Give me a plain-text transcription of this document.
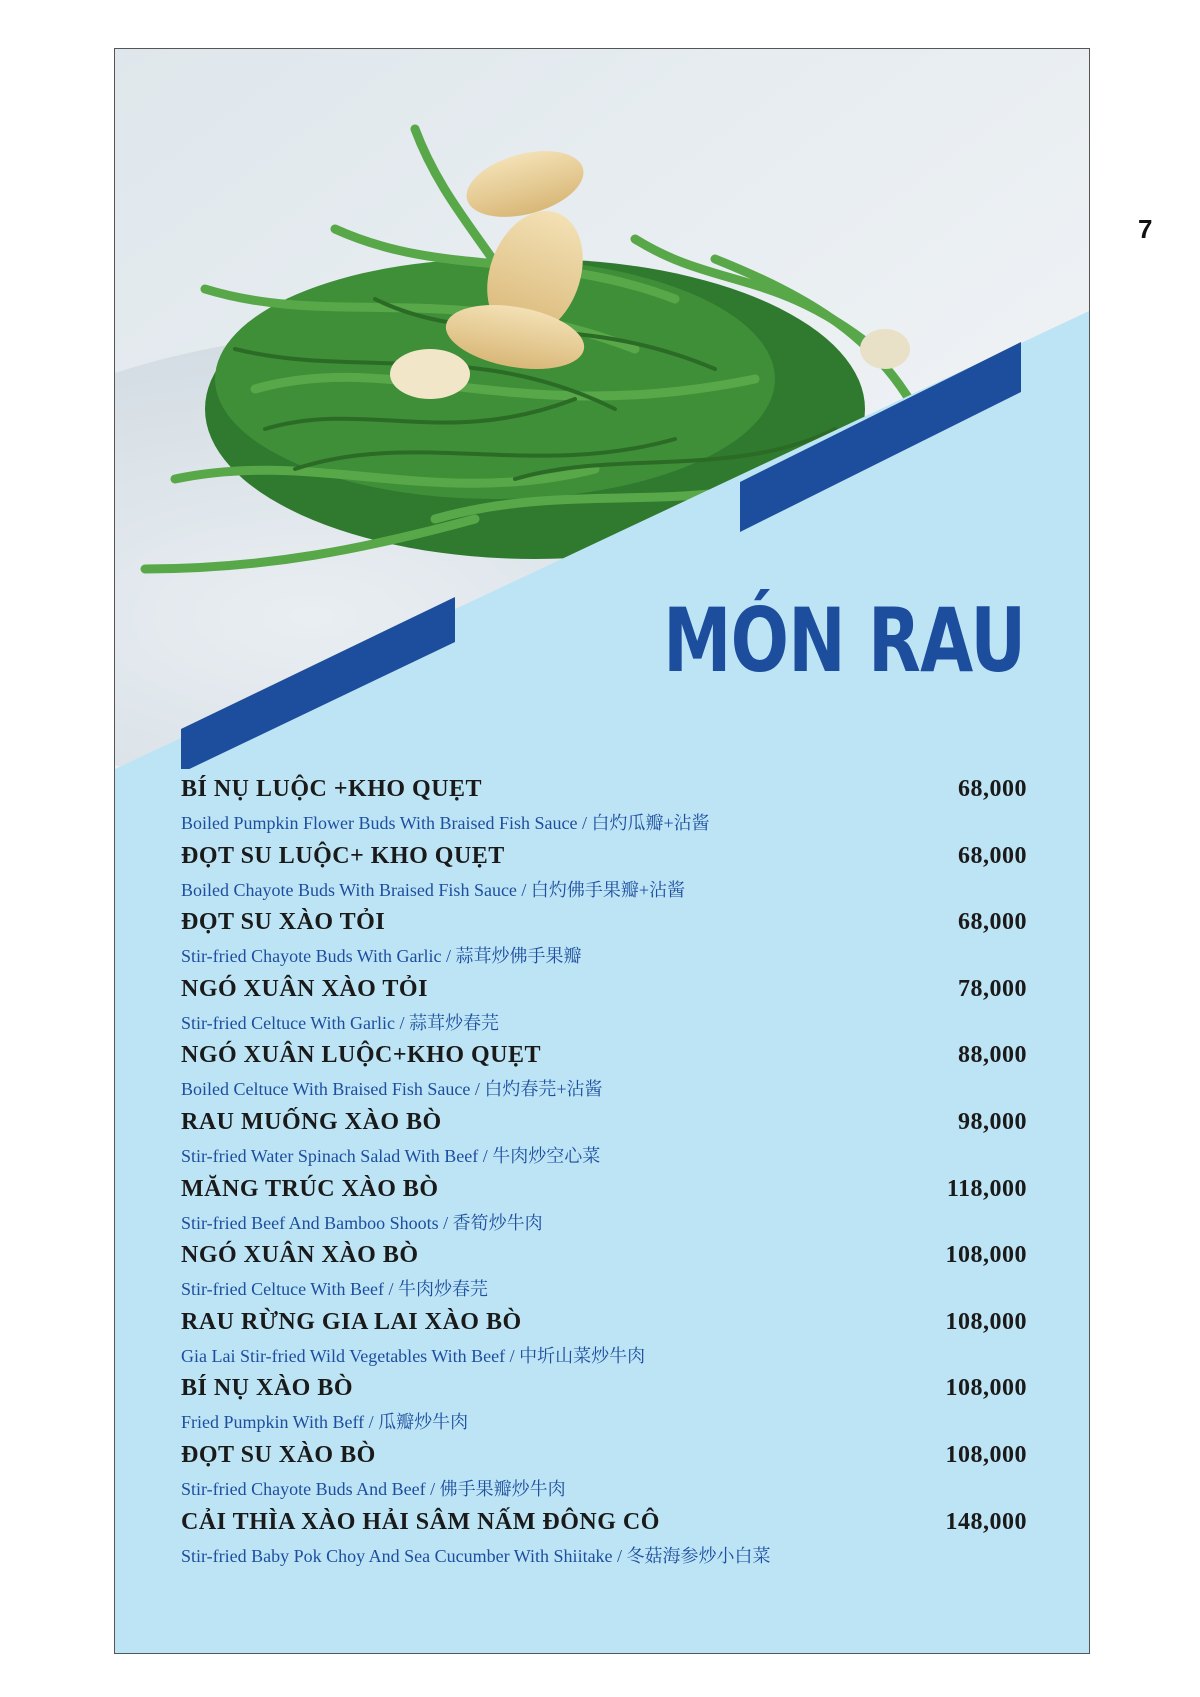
7
MÓN RAU
BÍ NỤ LUỘC +KHO QUẸT	68,000
Boiled Pumpkin Flower Buds With Braised Fish Sauce / 白灼瓜瓣+沾酱
ĐỌT SU LUỘC+ KHO QUẸT	68,000
Boiled Chayote Buds With Braised Fish Sauce / 白灼佛手果瓣+沾酱
ĐỌT SU XÀO TỎI	68,000
Stir-fried Chayote Buds With Garlic / 蒜茸炒佛手果瓣
NGÓ XUÂN XÀO TỎI	78,000
Stir-fried Celtuce With Garlic / 蒜茸炒春芫
NGÓ XUÂN LUỘC+KHO QUẸT	88,000
Boiled Celtuce With Braised Fish Sauce / 白灼春芫+沾酱
RAU MUỐNG XÀO BÒ	98,000
Stir-fried Water Spinach Salad With Beef / 牛肉炒空心菜
MĂNG TRÚC XÀO BÒ	118,000
Stir-fried Beef And Bamboo Shoots / 香筍炒牛肉
NGÓ XUÂN XÀO BÒ	108,000
Stir-fried Celtuce With Beef / 牛肉炒春芫
RAU RỪNG GIA LAI XÀO BÒ	108,000
Gia Lai Stir-fried Wild Vegetables With Beef / 中圻山菜炒牛肉
BÍ NỤ XÀO BÒ	108,000
Fried Pumpkin With Beff / 瓜瓣炒牛肉
ĐỌT SU XÀO BÒ	108,000
Stir-fried Chayote Buds And Beef / 佛手果瓣炒牛肉
CẢI THÌA XÀO HẢI SÂM NẤM ĐÔNG CÔ	148,000
Stir-fried Baby Pok Choy And Sea Cucumber With Shiitake / 冬菇海参炒小白菜
